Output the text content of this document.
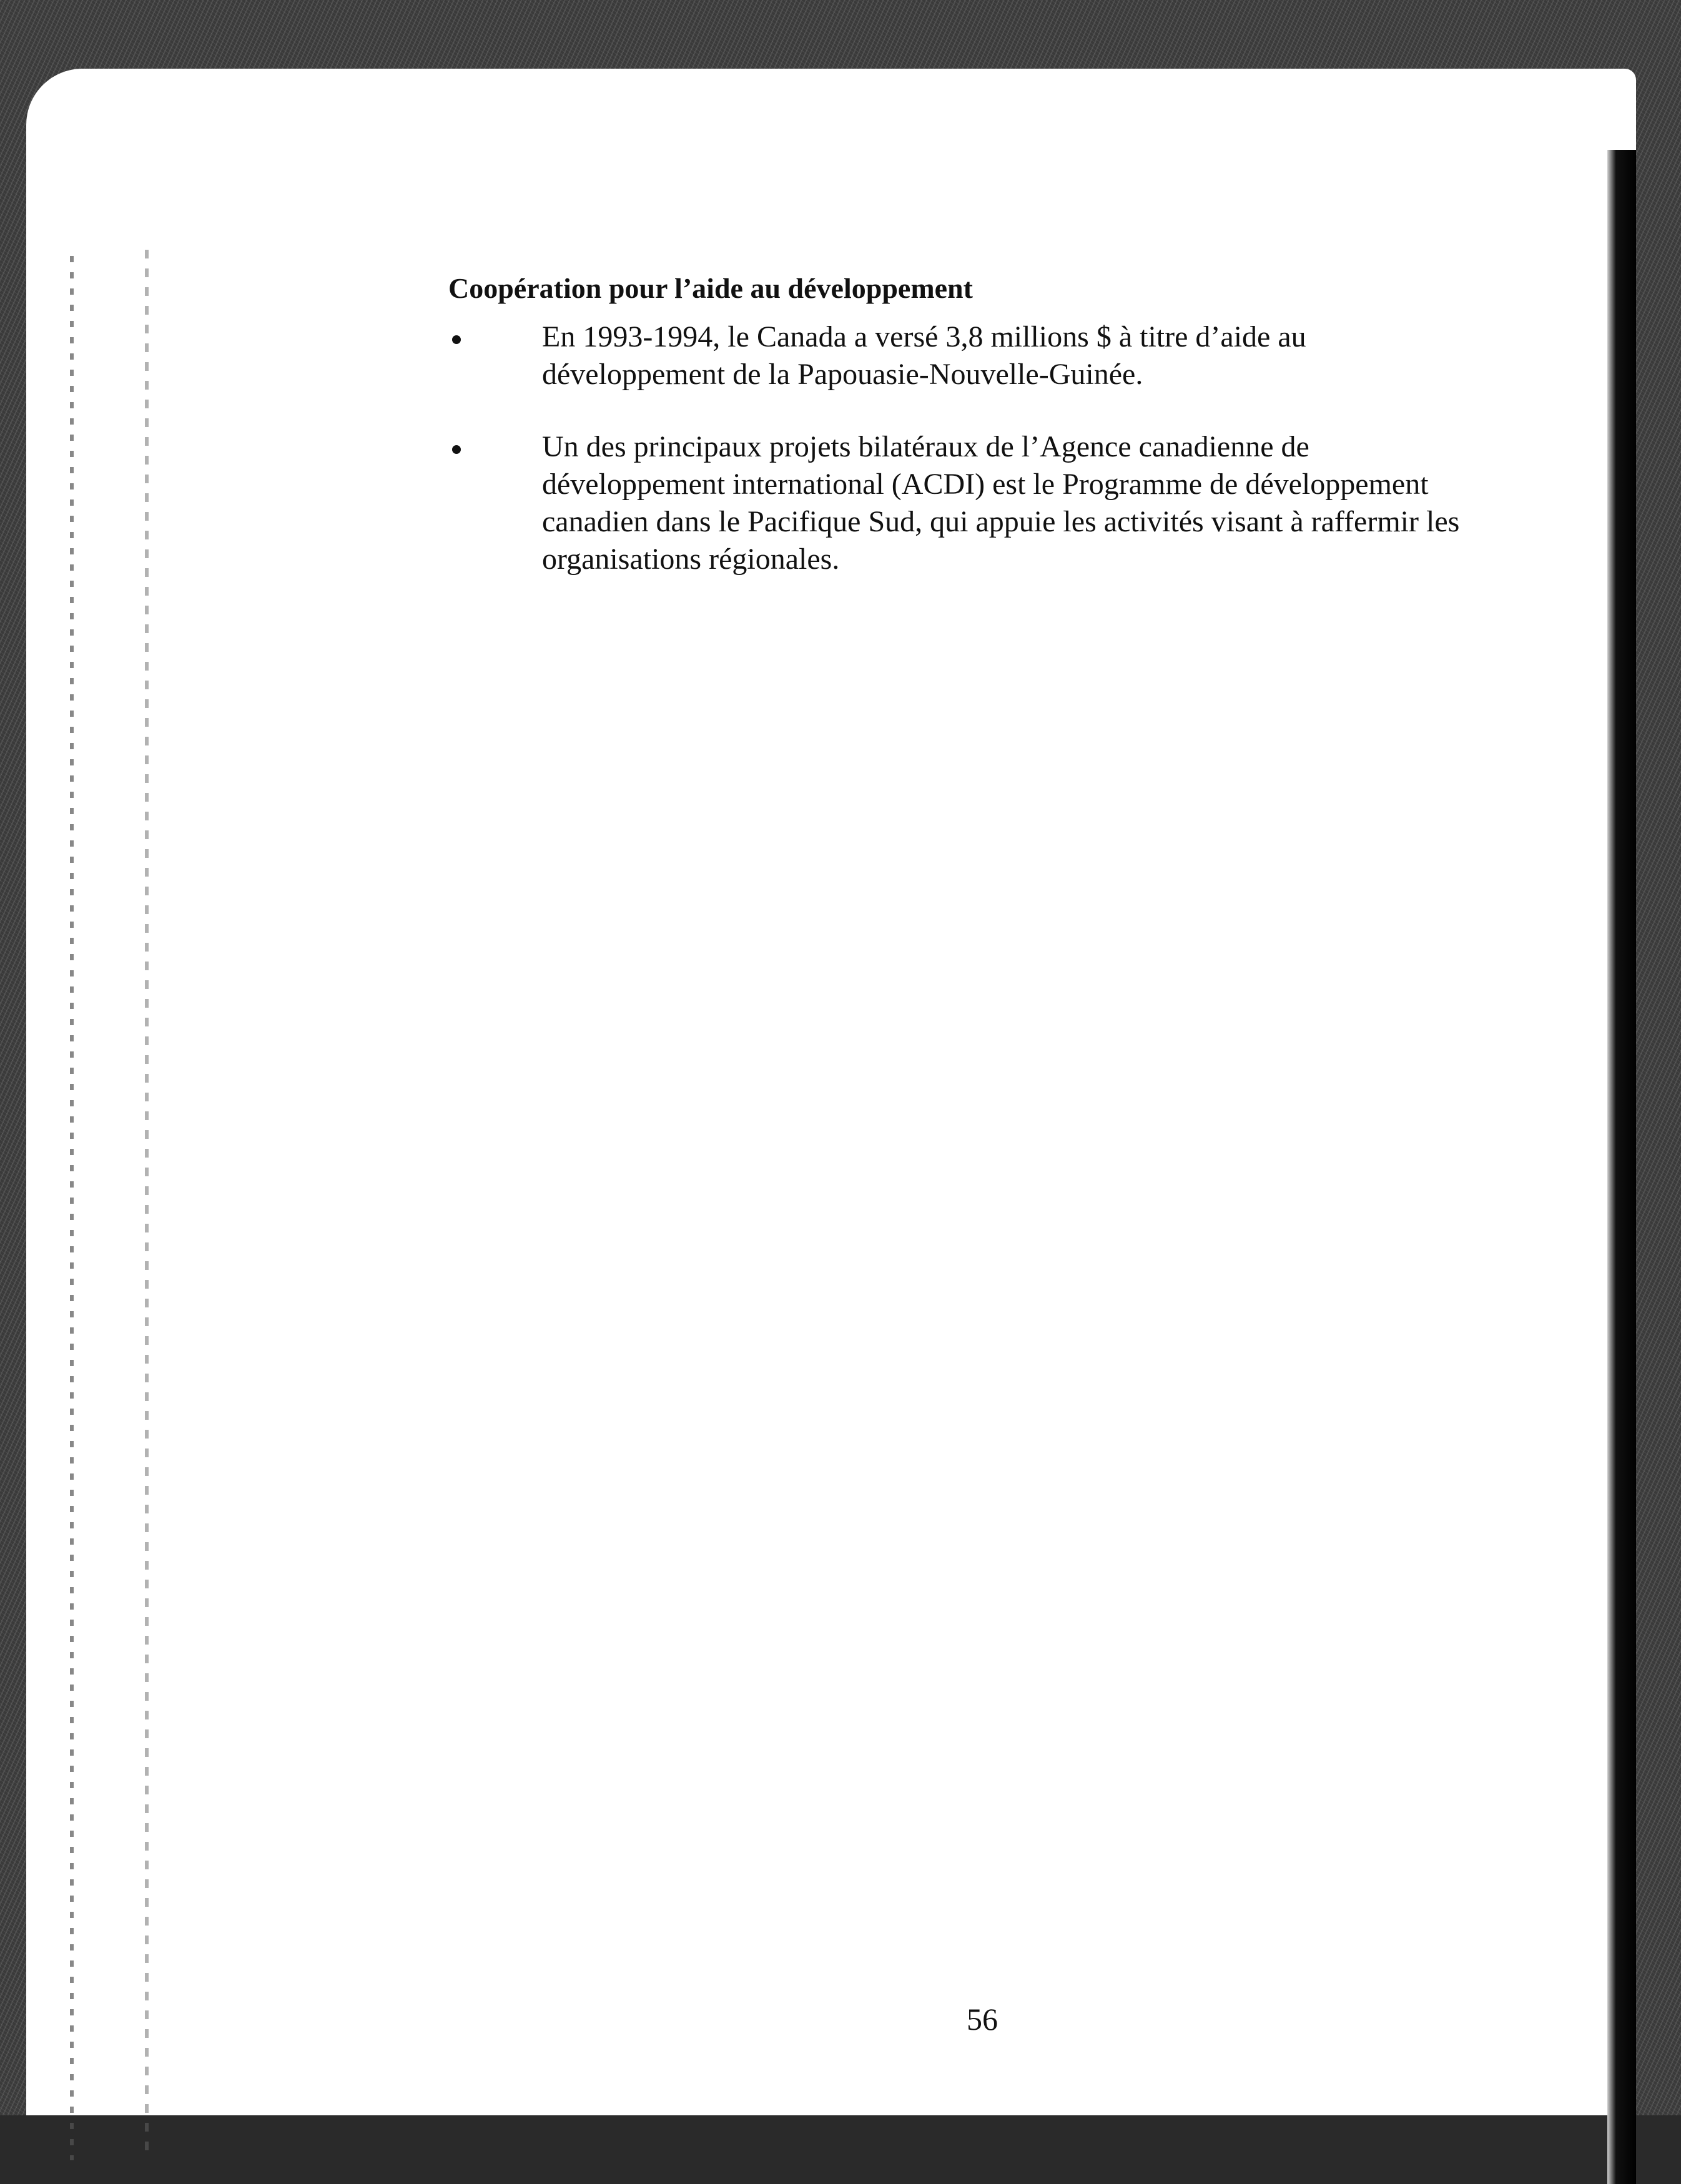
Coopération pour l’aide au développement
En 1993-1994, le Canada a versé 3,8 millions $ à titre d’aide au développement de la Papouasie-Nouvelle-Guinée.
Un des principaux projets bilatéraux de l’Agence canadienne de développement international (ACDI) est le Programme de développement canadien dans le Pacifique Sud, qui appuie les activités visant à raffermir les organisations régionales.
56
